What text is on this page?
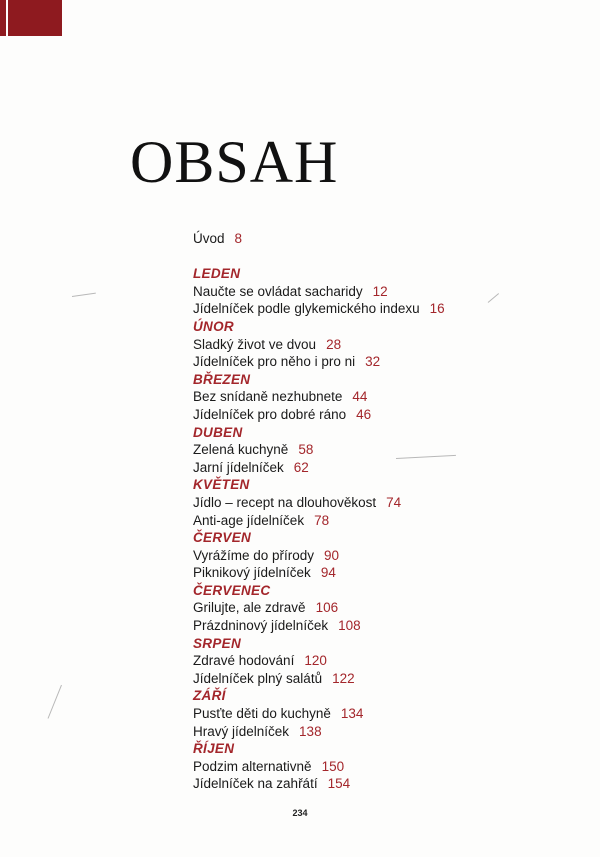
OBSAH
Úvod 8
LEDEN
Naučte se ovládat sacharidy 12
Jídelníček podle glykemického indexu 16
ÚNOR
Sladký život ve dvou 28
Jídelníček pro něho i pro ni 32
BŘEZEN
Bez snídaně nezhubnete 44
Jídelníček pro dobré ráno 46
DUBEN
Zelená kuchyně 58
Jarní jídelníček 62
KVĚTEN
Jídlo – recept na dlouhověkost 74
Anti-age jídelníček 78
ČERVEN
Vyrážíme do přírody 90
Piknikový jídelníček 94
ČERVENEC
Grilujte, ale zdravě 106
Prázdninový jídelníček 108
SRPEN
Zdravé hodování 120
Jídelníček plný salátů 122
ZÁŘÍ
Pusťte děti do kuchyně 134
Hravý jídelníček 138
ŘÍJEN
Podzim alternativně 150
Jídelníček na zahřátí 154
234
